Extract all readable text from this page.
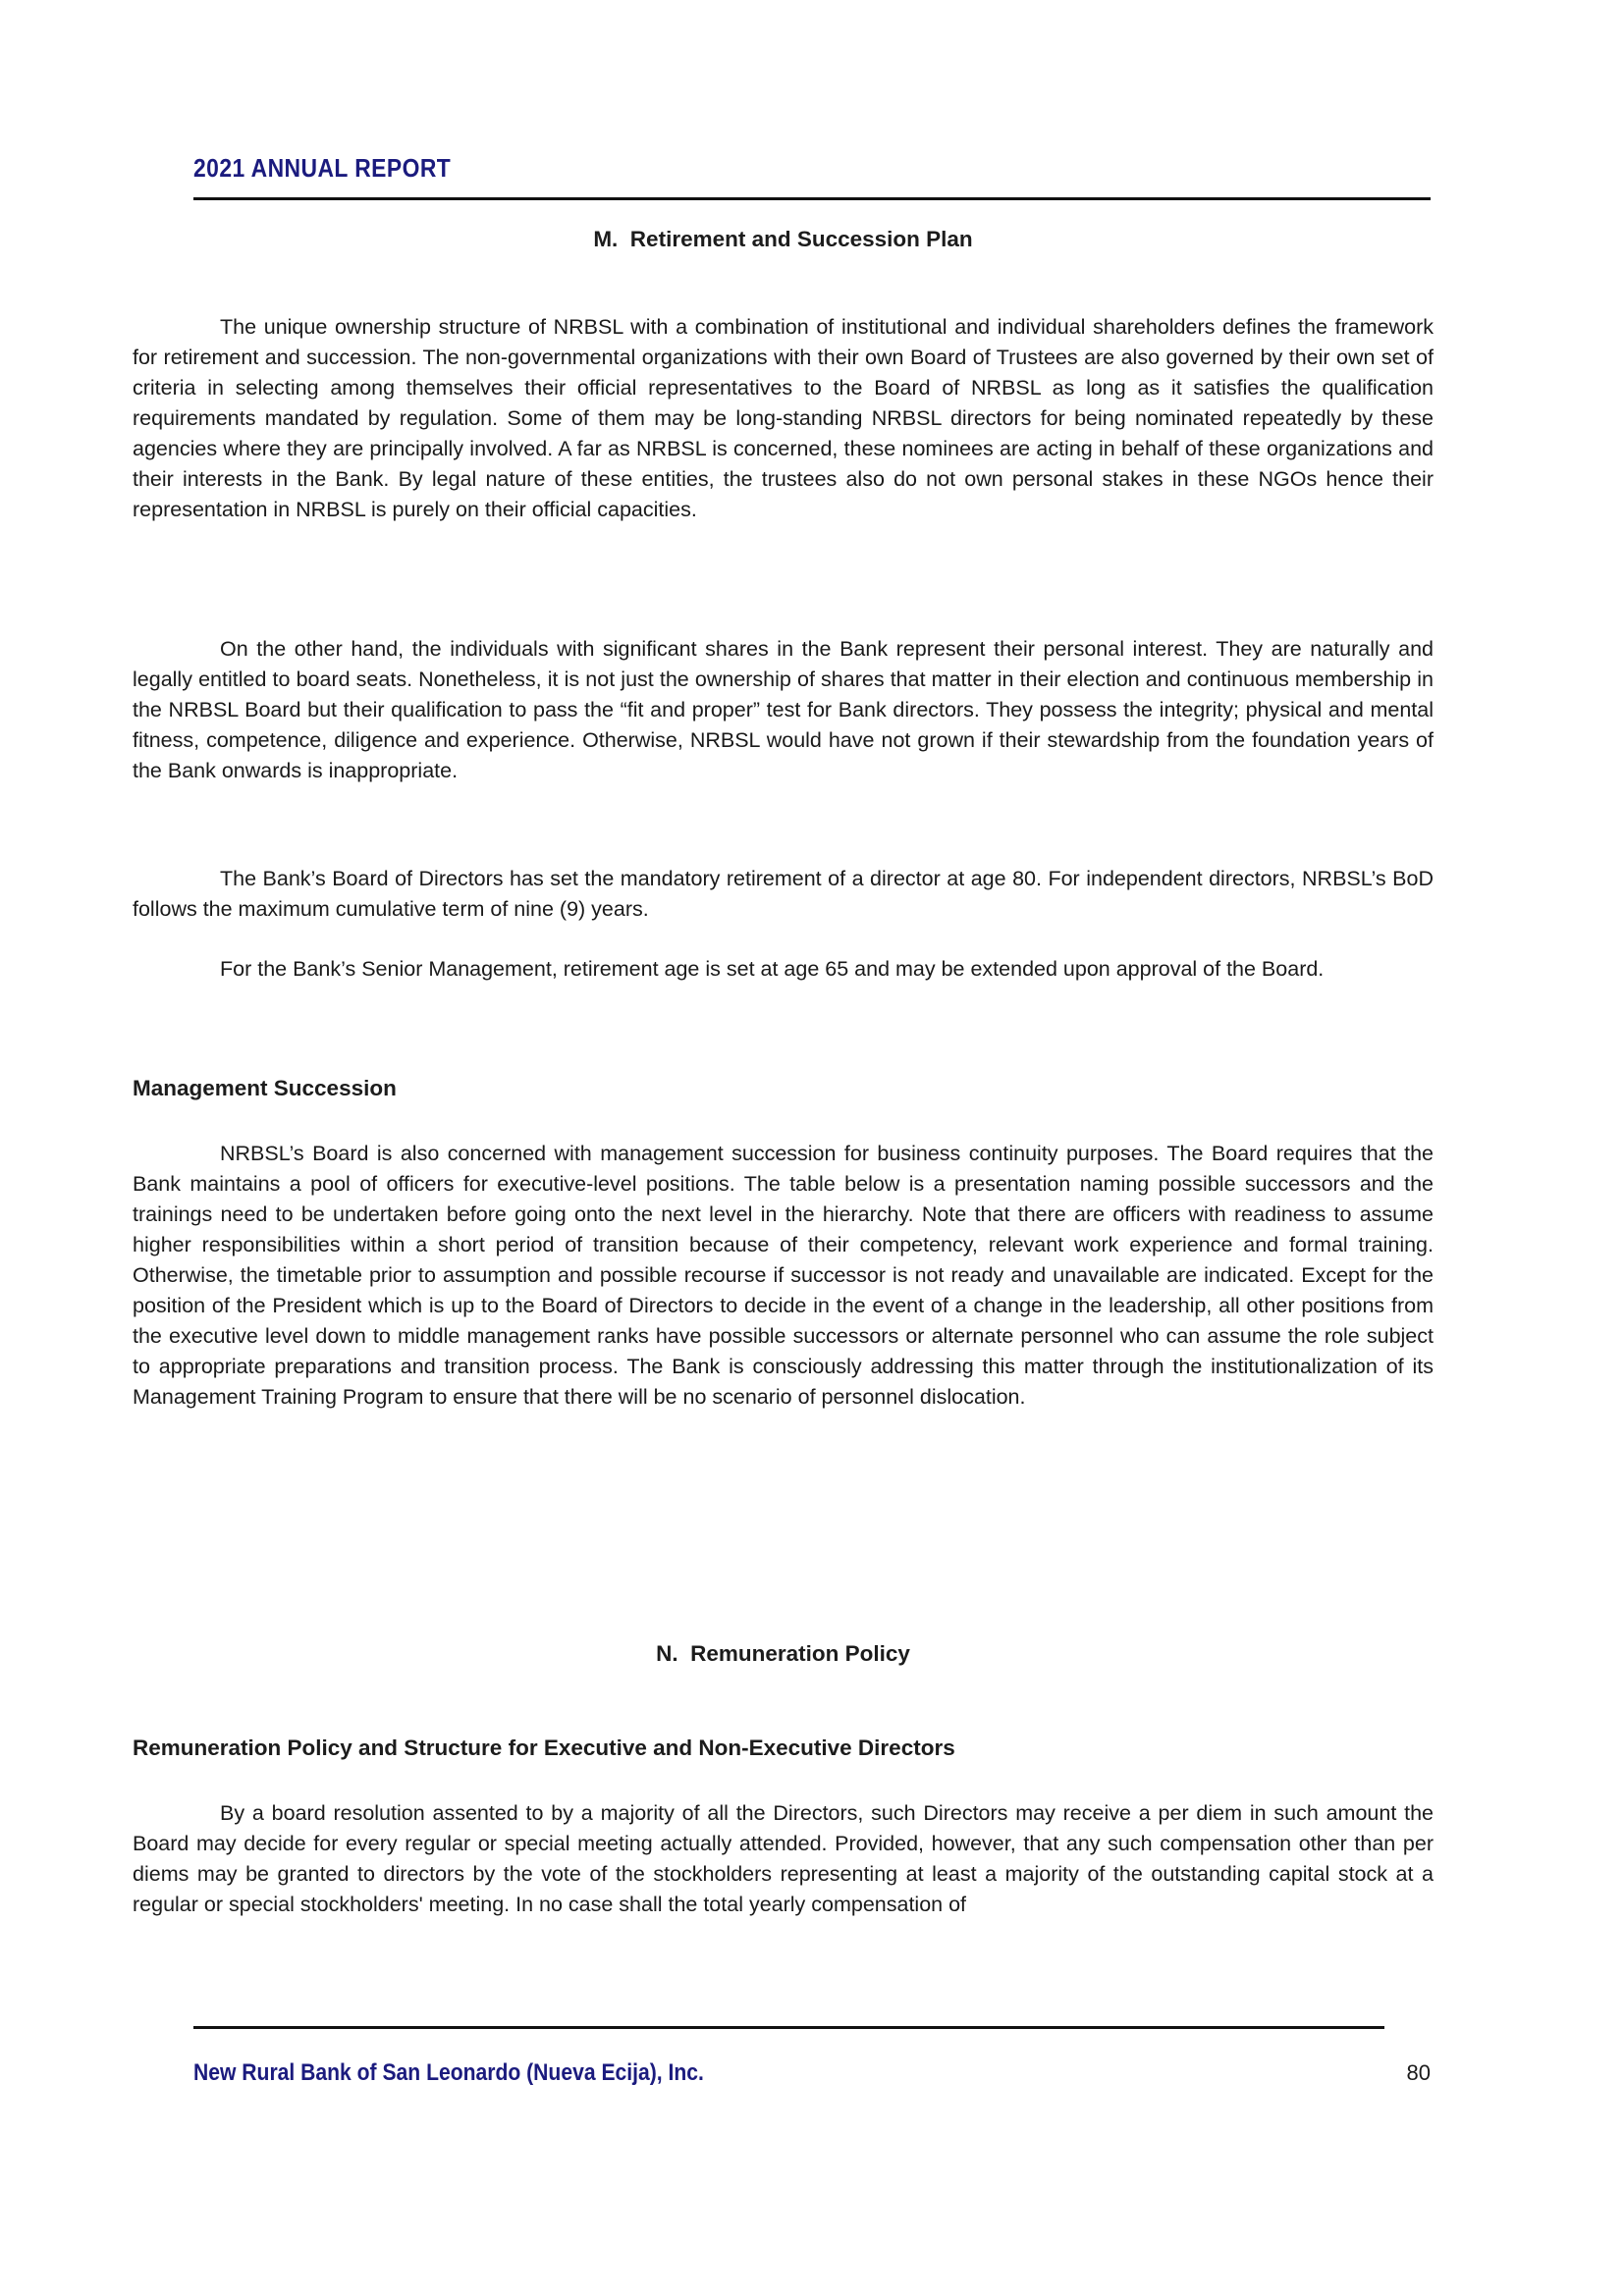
2021 ANNUAL REPORT
M.  Retirement and Succession Plan
The unique ownership structure of NRBSL with a combination of institutional and individual shareholders defines the framework for retirement and succession. The non-governmental organizations with their own Board of Trustees are also governed by their own set of criteria in selecting among themselves their official representatives to the Board of NRBSL as long as it satisfies the qualification requirements mandated by regulation. Some of them may be long-standing NRBSL directors for being nominated repeatedly by these agencies where they are principally involved. A far as NRBSL is concerned, these nominees are acting in behalf of these organizations and their interests in the Bank. By legal nature of these entities, the trustees also do not own personal stakes in these NGOs hence their representation in NRBSL is purely on their official capacities.
On the other hand, the individuals with significant shares in the Bank represent their personal interest. They are naturally and legally entitled to board seats. Nonetheless, it is not just the ownership of shares that matter in their election and continuous membership in the NRBSL Board but their qualification to pass the “fit and proper” test for Bank directors. They possess the integrity; physical and mental fitness, competence, diligence and experience. Otherwise, NRBSL would have not grown if their stewardship from the foundation years of the Bank onwards is inappropriate.
The Bank’s Board of Directors has set the mandatory retirement of a director at age 80. For independent directors, NRBSL’s BoD follows the maximum cumulative term of nine (9) years.
For the Bank’s Senior Management, retirement age is set at age 65 and may be extended upon approval of the Board.
Management Succession
NRBSL’s Board is also concerned with management succession for business continuity purposes. The Board requires that the Bank maintains a pool of officers for executive-level positions. The table below is a presentation naming possible successors and the trainings need to be undertaken before going onto the next level in the hierarchy. Note that there are officers with readiness to assume higher responsibilities within a short period of transition because of their competency, relevant work experience and formal training. Otherwise, the timetable prior to assumption and possible recourse if successor is not ready and unavailable are indicated. Except for the position of the President which is up to the Board of Directors to decide in the event of a change in the leadership, all other positions from the executive level down to middle management ranks have possible successors or alternate personnel who can assume the role subject to appropriate preparations and transition process. The Bank is consciously addressing this matter through the institutionalization of its Management Training Program to ensure that there will be no scenario of personnel dislocation.
N.  Remuneration Policy
Remuneration Policy and Structure for Executive and Non-Executive Directors
By a board resolution assented to by a majority of all the Directors, such Directors may receive a per diem in such amount the Board may decide for every regular or special meeting actually attended. Provided, however, that any such compensation other than per diems may be granted to directors by the vote of the stockholders representing at least a majority of the outstanding capital stock at a regular or special stockholders' meeting. In no case shall the total yearly compensation of
New Rural Bank of San Leonardo (Nueva Ecija), Inc.	80
